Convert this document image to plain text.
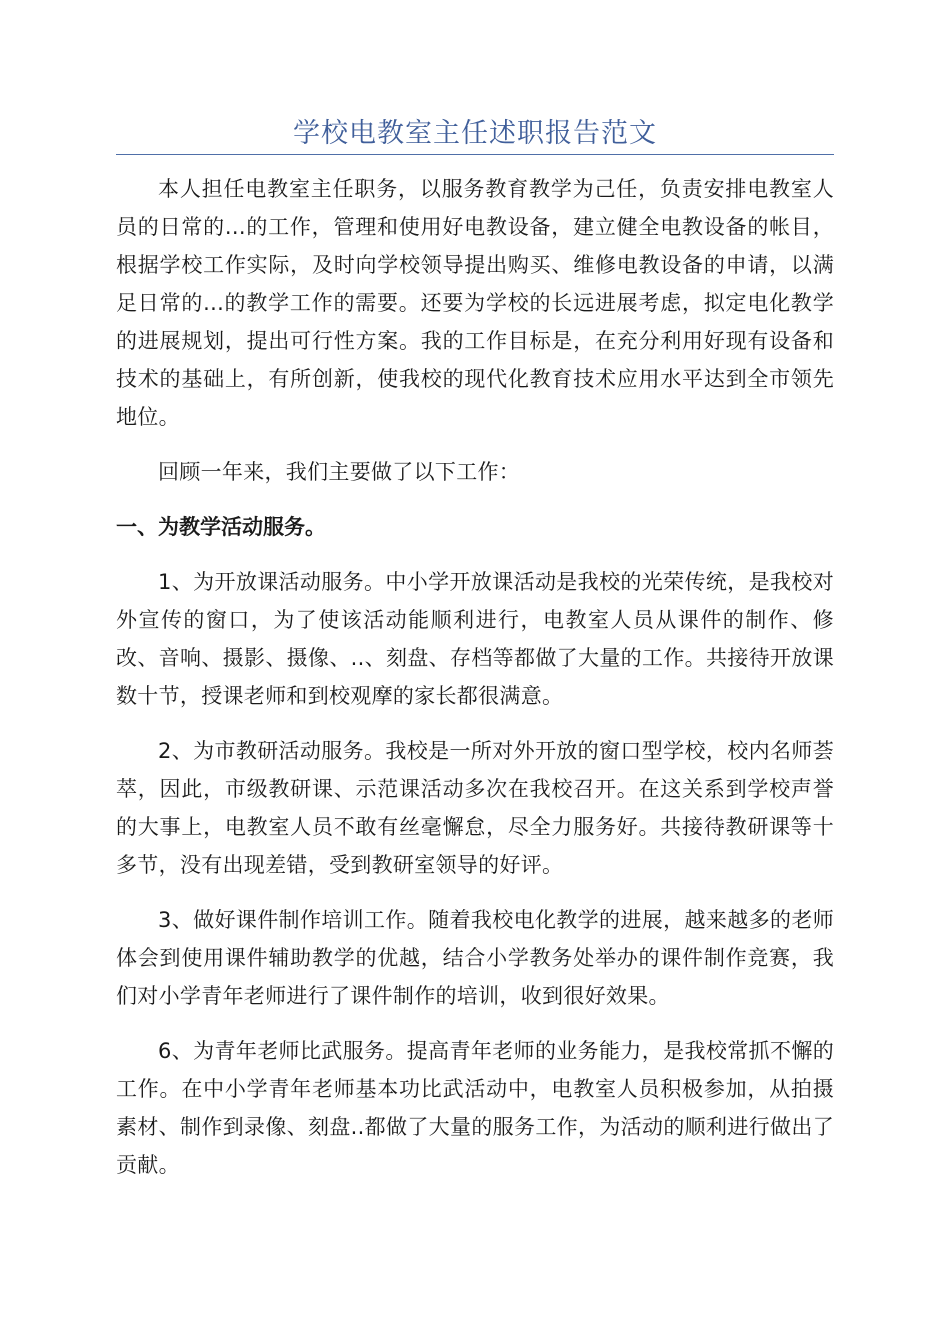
学校电教室主任述职报告范文

本人担任电教室主任职务，以服务教育教学为己任，负责安排电教室人员的日常的...的工作，管理和使用好电教设备，建立健全电教设备的帐目，根据学校工作实际，及时向学校领导提出购买、维修电教设备的申请，以满足日常的...的教学工作的需要。还要为学校的长远进展考虑，拟定电化教学的进展规划，提出可行性方案。我的工作目标是，在充分利用好现有设备和技术的基础上，有所创新，使我校的现代化教育技术应用水平达到全市领先地位。

回顾一年来，我们主要做了以下工作：

一、为教学活动服务。

1、为开放课活动服务。中小学开放课活动是我校的光荣传统，是我校对外宣传的窗口，为了使该活动能顺利进行，电教室人员从课件的制作、修改、音响、摄影、摄像、..、刻盘、存档等都做了大量的工作。共接待开放课数十节，授课老师和到校观摩的家长都很满意。

2、为市教研活动服务。我校是一所对外开放的窗口型学校，校内名师荟萃，因此，市级教研课、示范课活动多次在我校召开。在这关系到学校声誉的大事上，电教室人员不敢有丝毫懈怠，尽全力服务好。共接待教研课等十多节，没有出现差错，受到教研室领导的好评。

3、做好课件制作培训工作。随着我校电化教学的进展，越来越多的老师体会到使用课件辅助教学的优越，结合小学教务处举办的课件制作竞赛，我们对小学青年老师进行了课件制作的培训，收到很好效果。

6、为青年老师比武服务。提高青年老师的业务能力，是我校常抓不懈的工作。在中小学青年老师基本功比武活动中，电教室人员积极参加，从拍摄素材、制作到录像、刻盘..都做了大量的服务工作，为活动的顺利进行做出了贡献。
